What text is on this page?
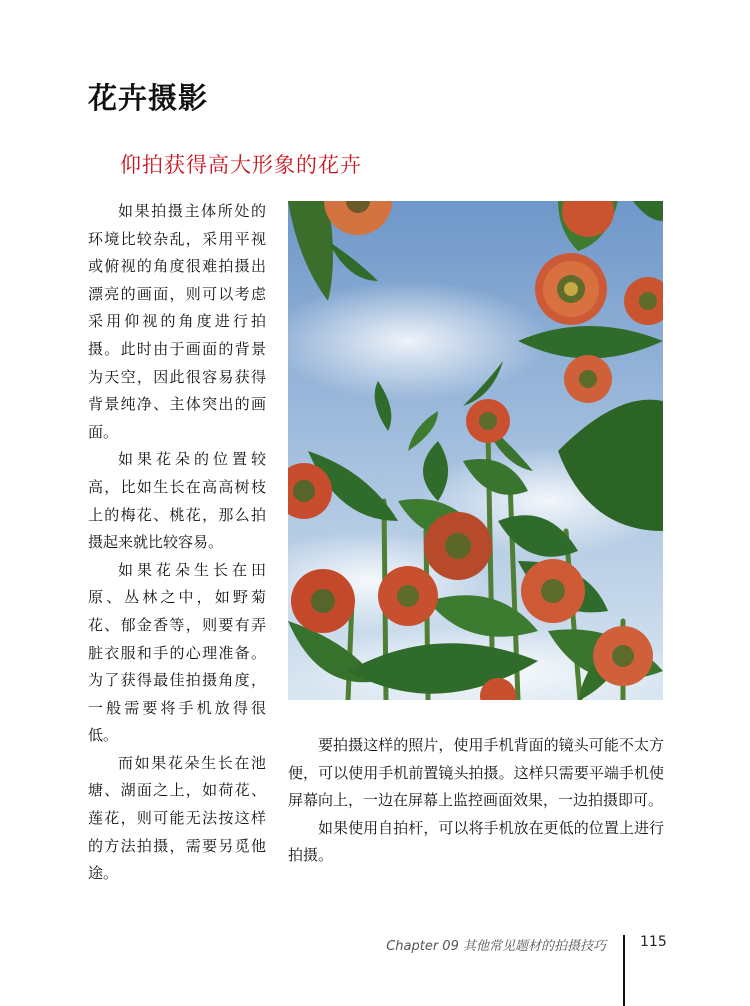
花卉摄影
仰拍获得高大形象的花卉

如果拍摄主体所处的环境比较杂乱，采用平视或俯视的角度很难拍摄出漂亮的画面，则可以考虑采用仰视的角度进行拍摄。此时由于画面的背景为天空，因此很容易获得背景纯净、主体突出的画面。

如果花朵的位置较高，比如生长在高高树枝上的梅花、桃花，那么拍摄起来就比较容易。

如果花朵生长在田原、丛林之中，如野菊花、郁金香等，则要有弄脏衣服和手的心理准备。为了获得最佳拍摄角度，一般需要将手机放得很低。

而如果花朵生长在池塘、湖面之上，如荷花、莲花，则可能无法按这样的方法拍摄，需要另觅他途。

要拍摄这样的照片，使用手机背面的镜头可能不太方便，可以使用手机前置镜头拍摄。这样只需要平端手机使屏幕向上，一边在屏幕上监控画面效果，一边拍摄即可。

如果使用自拍杆，可以将手机放在更低的位置上进行拍摄。

Chapter 09 其他常见题材的拍摄技巧 115
